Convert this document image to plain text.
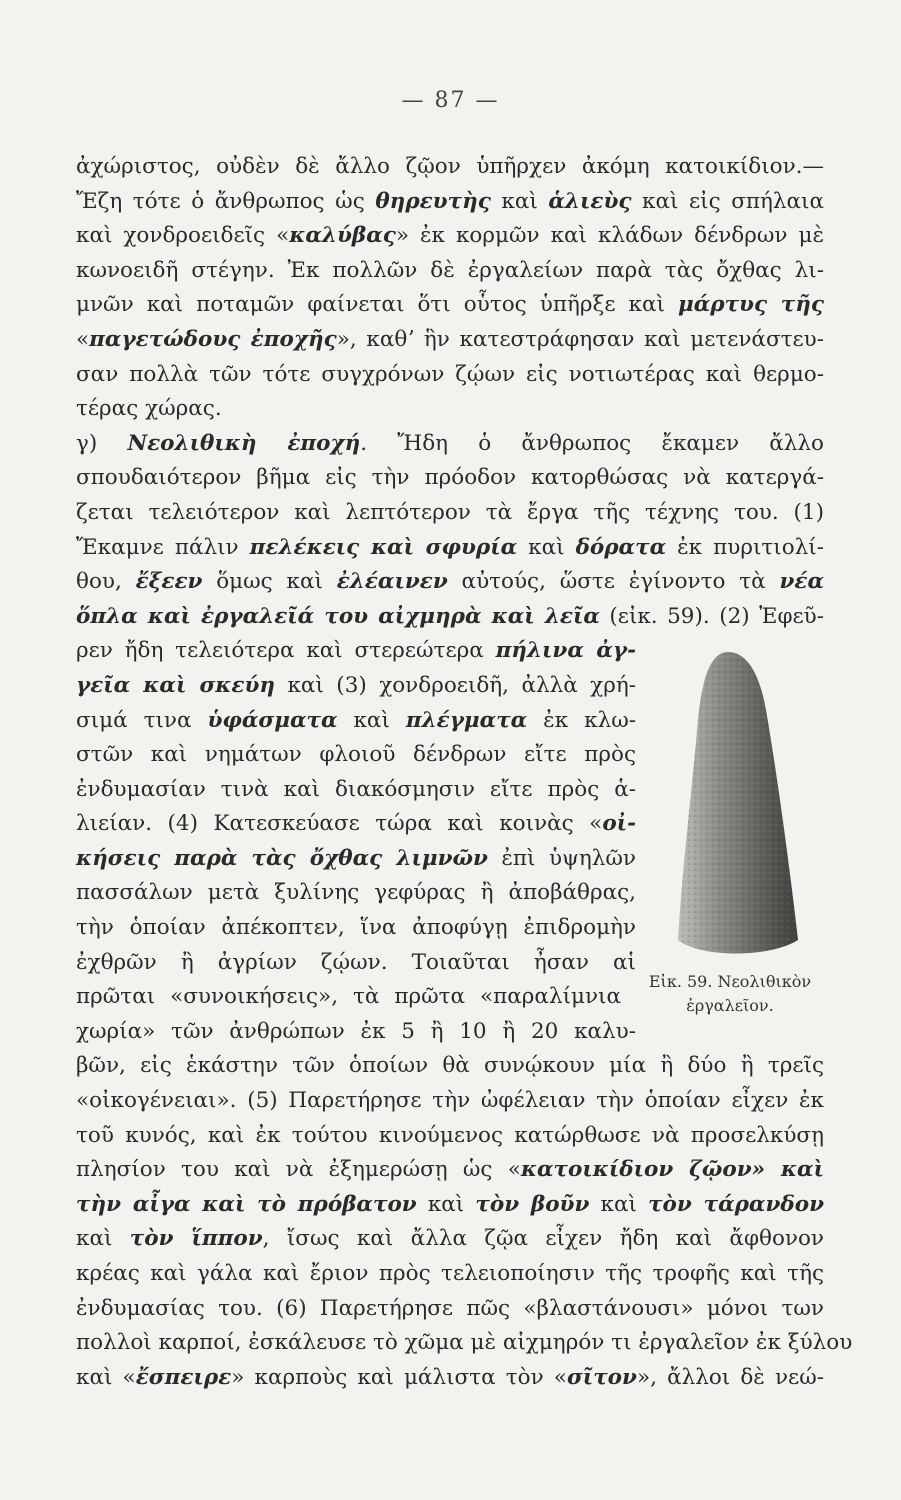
— 87 —
ἀχώριστος, οὐδὲν δὲ ἄλλο ζῷον ὑπῆρχεν ἀκόμη κατοικίδιον.—
Ἔζη τότε ὁ ἄνθρωπος ὡς θηρευτὴς καὶ ἁλιεὺς καὶ εἰς σπήλαια
καὶ χονδροειδεῖς «καλύβας» ἐκ κορμῶν καὶ κλάδων δένδρων μὲ
κωνοειδῆ στέγην. Ἐκ πολλῶν δὲ ἐργαλείων παρὰ τὰς ὄχθας λι-
μνῶν καὶ ποταμῶν φαίνεται ὅτι οὗτος ὑπῆρξε καὶ μάρτυς τῆς
«παγετώδους ἐποχῆς», καθʼ ἣν κατεστράφησαν καὶ μετενάστευ-
σαν πολλὰ τῶν τότε συγχρόνων ζῴων εἰς νοτιωτέρας καὶ θερμο-
τέρας χώρας.
γ) Νεολιθικὴ ἐποχή. Ἤδη ὁ ἄνθρωπος ἔκαμεν ἄλλο
σπουδαιότερον βῆμα εἰς τὴν πρόοδον κατορθώσας νὰ κατεργά-
ζεται τελειότερον καὶ λεπτότερον τὰ ἔργα τῆς τέχνης του. (1)
Ἔκαμνε πάλιν πελέκεις καὶ σφυρία καὶ δόρατα ἐκ πυριτιολί-
θου, ἔξεεν ὅμως καὶ ἐλέαινεν αὐτούς, ὥστε ἐγίνοντο τὰ νέα
ὅπλα καὶ ἐργαλεῖά του αἰχμηρὰ καὶ λεῖα (εἰκ. 59). (2) Ἐφεῦ-
ρεν ἤδη τελειότερα καὶ στερεώτερα πήλινα ἀγ-
γεῖα καὶ σκεύη καὶ (3) χονδροειδῆ, ἀλλὰ χρή-
σιμά τινα ὑφάσματα καὶ πλέγματα ἐκ κλω-
στῶν καὶ νημάτων φλοιοῦ δένδρων εἴτε πρὸς
ἐνδυμασίαν τινὰ καὶ διακόσμησιν εἴτε πρὸς ἁ-
λιείαν. (4) Κατεσκεύασε τώρα καὶ κοινὰς «οἰ-
κήσεις παρὰ τὰς ὄχθας λιμνῶν ἐπὶ ὑψηλῶν
πασσάλων μετὰ ξυλίνης γεφύρας ἢ ἀποβάθρας,
τὴν ὁποίαν ἀπέκοπτεν, ἵνα ἀποφύγῃ ἐπιδρομὴν
ἐχθρῶν ἢ ἀγρίων ζῴων. Τοιαῦται ἦσαν αἱ
πρῶται «συνοικήσεις», τὰ πρῶτα «παραλίμνια
χωρία» τῶν ἀνθρώπων ἐκ 5 ἢ 10 ἢ 20 καλυ-
βῶν, εἰς ἑκάστην τῶν ὁποίων θὰ συνῴκουν μία ἢ δύο ἢ τρεῖς
«οἰκογένειαι». (5) Παρετήρησε τὴν ὠφέλειαν τὴν ὁποίαν εἶχεν ἐκ
τοῦ κυνός, καὶ ἐκ τούτου κινούμενος κατώρθωσε νὰ προσελκύσῃ
πλησίον του καὶ νὰ ἐξημερώσῃ ὡς «κατοικίδιον ζῷον» καὶ
τὴν αἶγα καὶ τὸ πρόβατον καὶ τὸν βοῦν καὶ τὸν τάρανδον
καὶ τὸν ἵππον, ἴσως καὶ ἄλλα ζῷα εἶχεν ἤδη καὶ ἄφθονον
κρέας καὶ γάλα καὶ ἔριον πρὸς τελειοποίησιν τῆς τροφῆς καὶ τῆς
ἐνδυμασίας του. (6) Παρετήρησε πῶς «βλαστάνουσι» μόνοι των
πολλοὶ καρποί, ἐσκάλευσε τὸ χῶμα μὲ αἰχμηρόν τι ἐργαλεῖον ἐκ ξύλου
καὶ «ἔσπειρε» καρποὺς καὶ μάλιστα τὸν «σῖτον», ἄλλοι δὲ νεώ-
Εἰκ. 59. Νεολιθικὸν
ἐργαλεῖον.
